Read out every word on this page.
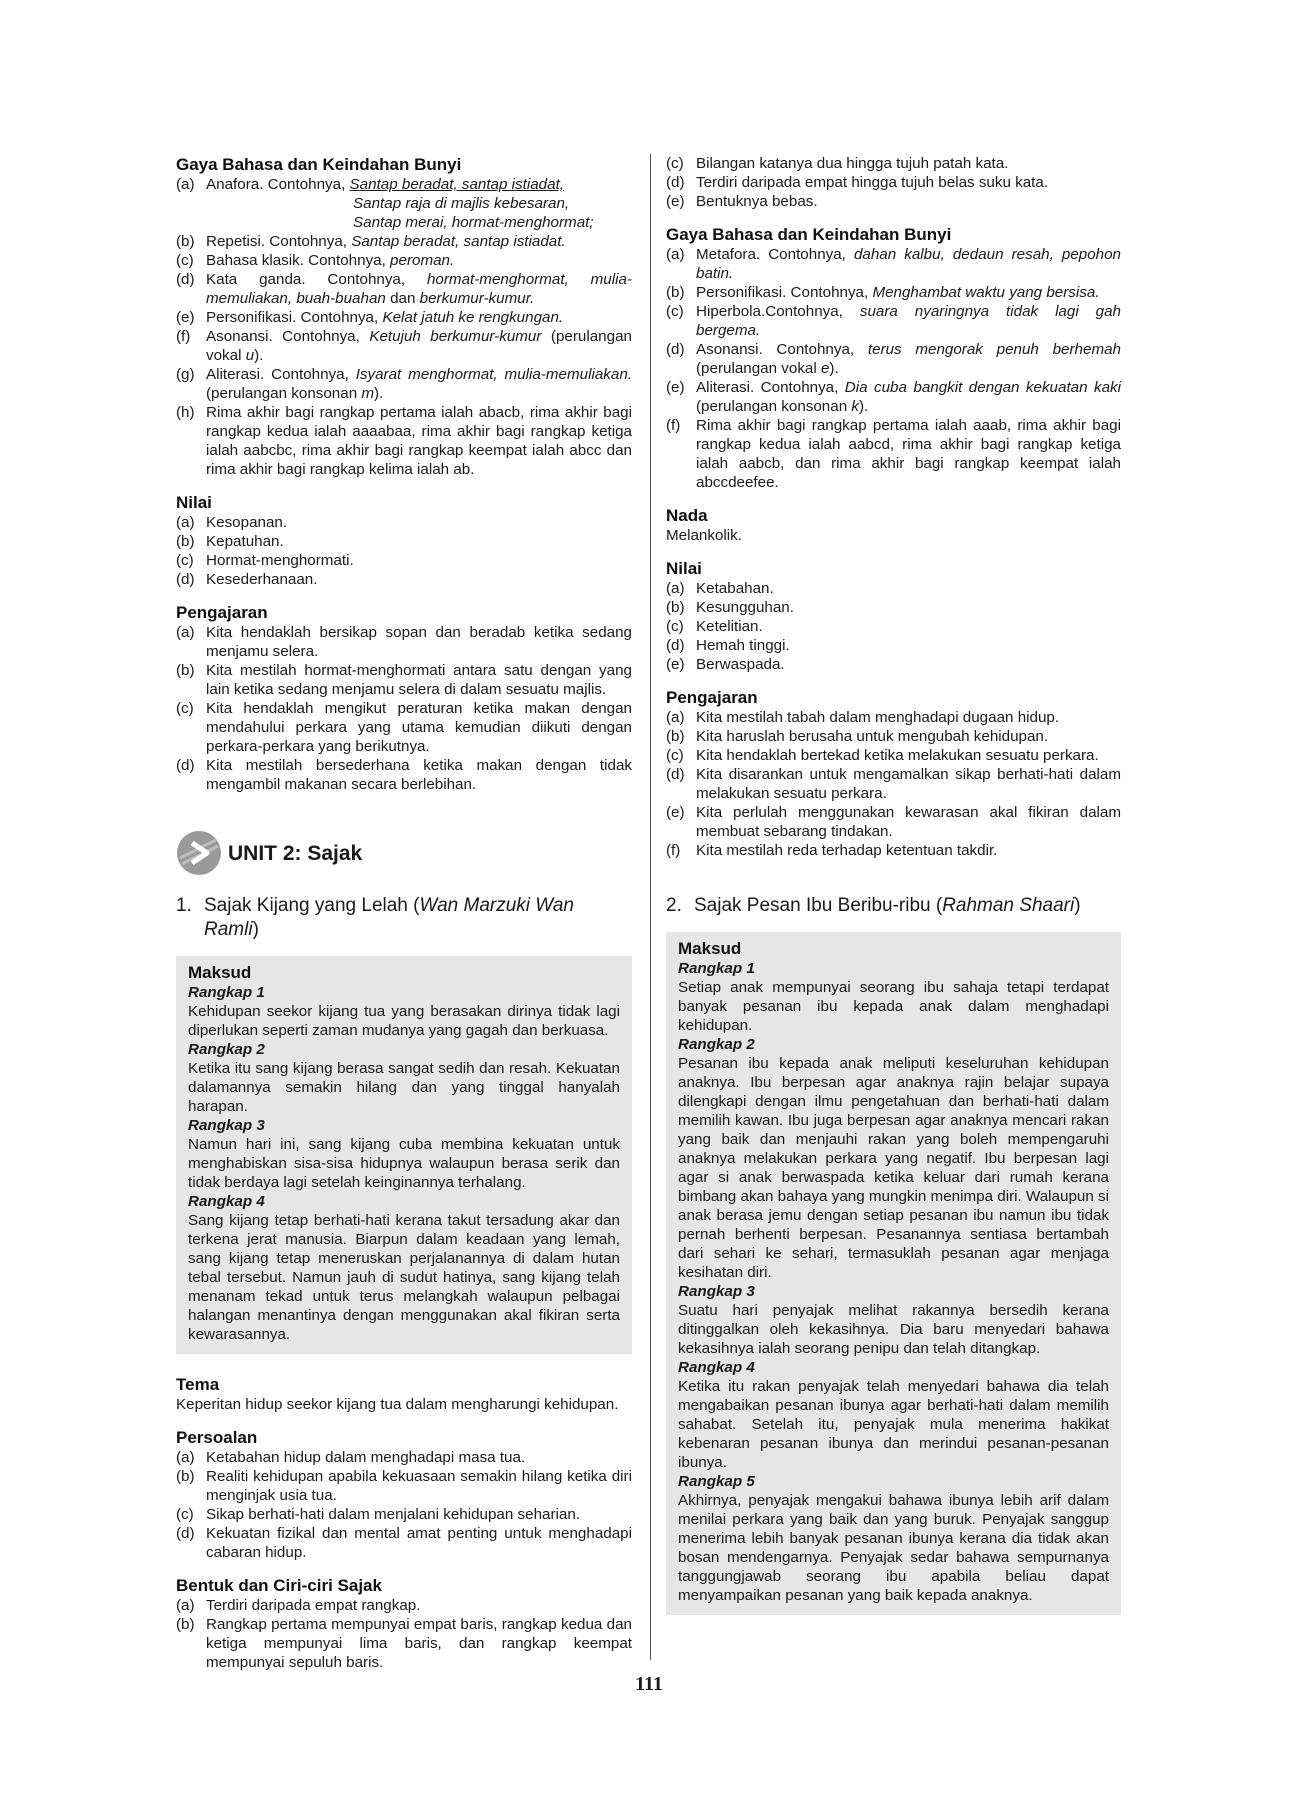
Gaya Bahasa dan Keindahan Bunyi
(a) Anafora. Contohnya, Santap beradat, santap istiadat,
Santap raja di majlis kebesaran,
Santap merai, hormat-menghormat;
(b) Repetisi. Contohnya, Santap beradat, santap istiadat.
(c) Bahasa klasik. Contohnya, peroman.
(d) Kata ganda. Contohnya, hormat-menghormat, mulia-memuliakan, buah-buahan dan berkumur-kumur.
(e) Personifikasi. Contohnya, Kelat jatuh ke rengkungan.
(f) Asonansi. Contohnya, Ketujuh berkumur-kumur (perulangan vokal u).
(g) Aliterasi. Contohnya, Isyarat menghormat, mulia-memuliakan. (perulangan konsonan m).
(h) Rima akhir bagi rangkap pertama ialah abacb, rima akhir bagi rangkap kedua ialah aaaabaa, rima akhir bagi rangkap ketiga ialah aabcbc, rima akhir bagi rangkap keempat ialah abcc dan rima akhir bagi rangkap kelima ialah ab.
Nilai
(a) Kesopanan.
(b) Kepatuhan.
(c) Hormat-menghormati.
(d) Kesederhanaan.
Pengajaran
(a) Kita hendaklah bersikap sopan dan beradab ketika sedang menjamu selera.
(b) Kita mestilah hormat-menghormati antara satu dengan yang lain ketika sedang menjamu selera di dalam sesuatu majlis.
(c) Kita hendaklah mengikut peraturan ketika makan dengan mendahului perkara yang utama kemudian diikuti dengan perkara-perkara yang berikutnya.
(d) Kita mestilah bersederhana ketika makan dengan tidak mengambil makanan secara berlebihan.
UNIT 2: Sajak
1. Sajak Kijang yang Lelah (Wan Marzuki Wan Ramli)
Maksud

Rangkap 1

Kehidupan seekor kijang tua yang berasakan dirinya tidak lagi diperlukan seperti zaman mudanya yang gagah dan berkuasa.

Rangkap 2

Ketika itu sang kijang berasa sangat sedih dan resah. Kekuatan dalamannya semakin hilang dan yang tinggal hanyalah harapan.

Rangkap 3

Namun hari ini, sang kijang cuba membina kekuatan untuk menghabiskan sisa-sisa hidupnya walaupun berasa serik dan tidak berdaya lagi setelah keinginannya terhalang.

Rangkap 4

Sang kijang tetap berhati-hati kerana takut tersadung akar dan terkena jerat manusia. Biarpun dalam keadaan yang lemah, sang kijang tetap meneruskan perjalanannya di dalam hutan tebal tersebut. Namun jauh di sudut hatinya, sang kijang telah menanam tekad untuk terus melangkah walaupun pelbagai halangan menantinya dengan menggunakan akal fikiran serta kewarasannya.

Tema

Keperitan hidup seekor kijang tua dalam mengharungi kehidupan.

Persoalan
(a) Ketabahan hidup dalam menghadapi masa tua.
(b) Realiti kehidupan apabila kekuasaan semakin hilang ketika diri menginjak usia tua.
(c) Sikap berhati-hati dalam menjalani kehidupan seharian.
(d) Kekuatan fizikal dan mental amat penting untuk menghadapi cabaran hidup.
Bentuk dan Ciri-ciri Sajak
(a) Terdiri daripada empat rangkap.
(b) Rangkap pertama mempunyai empat baris, rangkap kedua dan ketiga mempunyai lima baris, dan rangkap keempat mempunyai sepuluh baris.
(c) Bilangan katanya dua hingga tujuh patah kata.
(d) Terdiri daripada empat hingga tujuh belas suku kata.
(e) Bentuknya bebas.
Gaya Bahasa dan Keindahan Bunyi
(a) Metafora. Contohnya, dahan kalbu, dedaun resah, pepohon batin.
(b) Personifikasi. Contohnya, Menghambat waktu yang bersisa.
(c) Hiperbola.Contohnya, suara nyaringnya tidak lagi gah bergema.
(d) Asonansi. Contohnya, terus mengorak penuh berhemah (perulangan vokal e).
(e) Aliterasi. Contohnya, Dia cuba bangkit dengan kekuatan kaki (perulangan konsonan k).
(f) Rima akhir bagi rangkap pertama ialah aaab, rima akhir bagi rangkap kedua ialah aabcd, rima akhir bagi rangkap ketiga ialah aabcb, dan rima akhir bagi rangkap keempat ialah abccdeefee.
Nada

Melankolik.

Nilai
(a) Ketabahan.
(b) Kesungguhan.
(c) Ketelitian.
(d) Hemah tinggi.
(e) Berwaspada.
Pengajaran
(a) Kita mestilah tabah dalam menghadapi dugaan hidup.
(b) Kita haruslah berusaha untuk mengubah kehidupan.
(c) Kita hendaklah bertekad ketika melakukan sesuatu perkara.
(d) Kita disarankan untuk mengamalkan sikap berhati-hati dalam melakukan sesuatu perkara.
(e) Kita perlulah menggunakan kewarasan akal fikiran dalam membuat sebarang tindakan.
(f) Kita mestilah reda terhadap ketentuan takdir.
2. Sajak Pesan Ibu Beribu-ribu (Rahman Shaari)
Maksud

Rangkap 1

Setiap anak mempunyai seorang ibu sahaja tetapi terdapat banyak pesanan ibu kepada anak dalam menghadapi kehidupan.

Rangkap 2

Pesanan ibu kepada anak meliputi keseluruhan kehidupan anaknya. Ibu berpesan agar anaknya rajin belajar supaya dilengkapi dengan ilmu pengetahuan dan berhati-hati dalam memilih kawan. Ibu juga berpesan agar anaknya mencari rakan yang baik dan menjauhi rakan yang boleh mempengaruhi anaknya melakukan perkara yang negatif. Ibu berpesan lagi agar si anak berwaspada ketika keluar dari rumah kerana bimbang akan bahaya yang mungkin menimpa diri. Walaupun si anak berasa jemu dengan setiap pesanan ibu namun ibu tidak pernah berhenti berpesan. Pesanannya sentiasa bertambah dari sehari ke sehari, termasuklah pesanan agar menjaga kesihatan diri.

Rangkap 3

Suatu hari penyajak melihat rakannya bersedih kerana ditinggalkan oleh kekasihnya. Dia baru menyedari bahawa kekasihnya ialah seorang penipu dan telah ditangkap.

Rangkap 4

Ketika itu rakan penyajak telah menyedari bahawa dia telah mengabaikan pesanan ibunya agar berhati-hati dalam memilih sahabat. Setelah itu, penyajak mula menerima hakikat kebenaran pesanan ibunya dan merindui pesanan-pesanan ibunya.

Rangkap 5

Akhirnya, penyajak mengakui bahawa ibunya lebih arif dalam menilai perkara yang baik dan yang buruk. Penyajak sanggup menerima lebih banyak pesanan ibunya kerana dia tidak akan bosan mendengarnya. Penyajak sedar bahawa sempurnanya tanggungjawab seorang ibu apabila beliau dapat menyampaikan pesanan yang baik kepada anaknya.

111
